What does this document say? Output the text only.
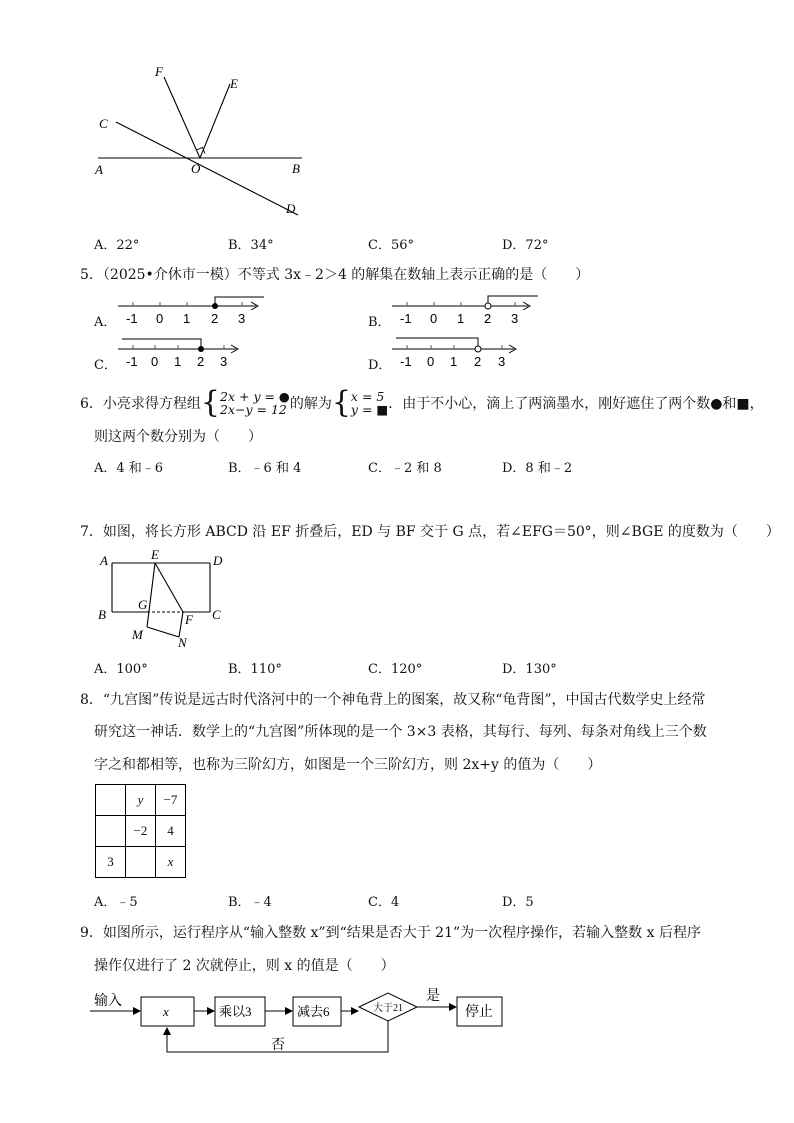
F
E
C
A	O	B
D
A．22°	B．34°	C．56°	D．72°
5．（2025•介休市一模）不等式 3x﹣2＞4 的解集在数轴上表示正确的是（　　）
A． -1 0 1 2 3	B． -1 0 1 2 3
C． -1 0 1 2 3	D． -1 0 1 2 3
6．小亮求得方程组 { 2x + y = ●
2x−y = 12 的解为 { x = 5
y = ■ ．由于不小心，滴上了两滴墨水，刚好遮住了两个数●和■，
则这两个数分别为（　　）
A．4 和﹣6	B．﹣6 和 4	C．﹣2 和 8	D．8 和﹣2
7．如图，将长方形 ABCD 沿 EF 折叠后，ED 与 BF 交于 G 点，若∠EFG＝50°，则∠BGE 的度数为（　　）
A	E	D
G
B	F C
M
N
A．100°	B．110°	C．120°	D．130°
8．“九宫图”传说是远古时代洛河中的一个神龟背上的图案，故又称“龟背图”，中国古代数学史上经常
研究这一神话．数学上的“九宫图”所体现的是一个 3×3 表格，其每行、每列、每条对角线上三个数
字之和都相等，也称为三阶幻方，如图是一个三阶幻方，则 2x+y 的值为（　　）
	y	−7
	−2	4
3		x
A．﹣5	B．﹣4	C．4	D．5
9．如图所示，运行程序从“输入整数 x”到“结果是否大于 21”为一次程序操作，若输入整数 x 后程序
操作仅进行了 2 次就停止，则 x 的值是（　　）
输入
x	乘以3	减去6	大于21
是
停止
否
